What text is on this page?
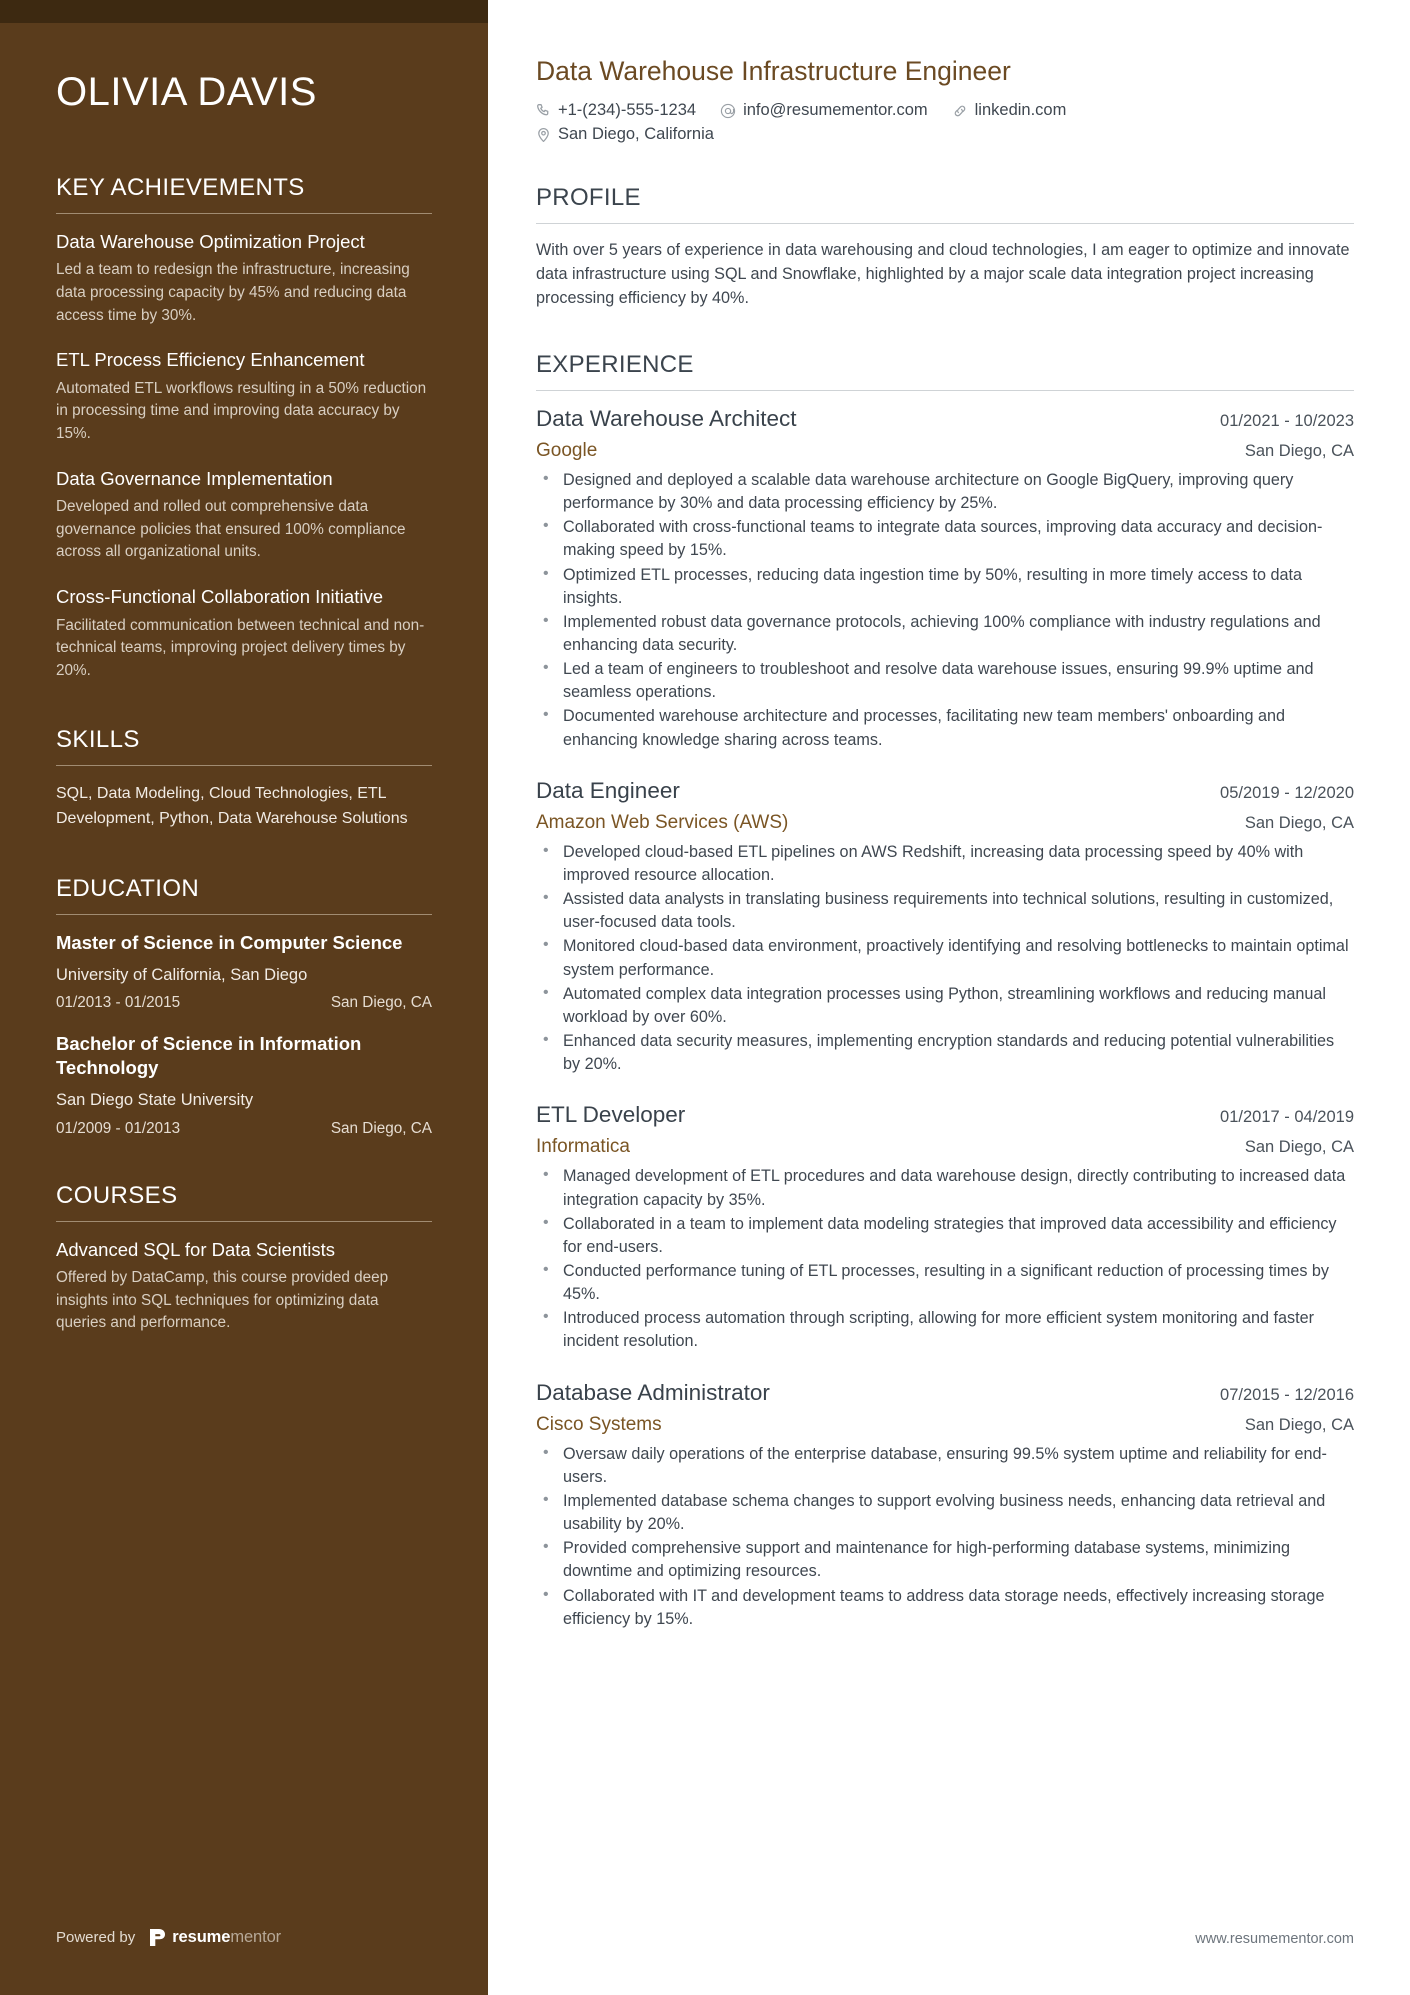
OLIVIA DAVIS
KEY ACHIEVEMENTS
Data Warehouse Optimization Project
Led a team to redesign the infrastructure, increasing data processing capacity by 45% and reducing data access time by 30%.
ETL Process Efficiency Enhancement
Automated ETL workflows resulting in a 50% reduction in processing time and improving data accuracy by 15%.
Data Governance Implementation
Developed and rolled out comprehensive data governance policies that ensured 100% compliance across all organizational units.
Cross-Functional Collaboration Initiative
Facilitated communication between technical and non-technical teams, improving project delivery times by 20%.
SKILLS
SQL, Data Modeling, Cloud Technologies, ETL Development, Python, Data Warehouse Solutions
EDUCATION
Master of Science in Computer Science
University of California, San Diego
01/2013 - 01/2015	San Diego, CA
Bachelor of Science in Information Technology
San Diego State University
01/2009 - 01/2013	San Diego, CA
COURSES
Advanced SQL for Data Scientists
Offered by DataCamp, this course provided deep insights into SQL techniques for optimizing data queries and performance.
Powered by resumementor
Data Warehouse Infrastructure Engineer
+1-(234)-555-1234	info@resumementor.com	linkedin.com
San Diego, California
PROFILE

With over 5 years of experience in data warehousing and cloud technologies, I am eager to optimize and innovate data infrastructure using SQL and Snowflake, highlighted by a major scale data integration project increasing processing efficiency by 40%.

EXPERIENCE
Data Warehouse Architect	01/2021 - 10/2023
Google	San Diego, CA
• Designed and deployed a scalable data warehouse architecture on Google BigQuery, improving query performance by 30% and data processing efficiency by 25%.
• Collaborated with cross-functional teams to integrate data sources, improving data accuracy and decision-making speed by 15%.
• Optimized ETL processes, reducing data ingestion time by 50%, resulting in more timely access to data insights.
• Implemented robust data governance protocols, achieving 100% compliance with industry regulations and enhancing data security.
• Led a team of engineers to troubleshoot and resolve data warehouse issues, ensuring 99.9% uptime and seamless operations.
• Documented warehouse architecture and processes, facilitating new team members' onboarding and enhancing knowledge sharing across teams.
Data Engineer	05/2019 - 12/2020
Amazon Web Services (AWS)	San Diego, CA
• Developed cloud-based ETL pipelines on AWS Redshift, increasing data processing speed by 40% with improved resource allocation.
• Assisted data analysts in translating business requirements into technical solutions, resulting in customized, user-focused data tools.
• Monitored cloud-based data environment, proactively identifying and resolving bottlenecks to maintain optimal system performance.
• Automated complex data integration processes using Python, streamlining workflows and reducing manual workload by over 60%.
• Enhanced data security measures, implementing encryption standards and reducing potential vulnerabilities by 20%.
ETL Developer	01/2017 - 04/2019
Informatica	San Diego, CA
• Managed development of ETL procedures and data warehouse design, directly contributing to increased data integration capacity by 35%.
• Collaborated in a team to implement data modeling strategies that improved data accessibility and efficiency for end-users.
• Conducted performance tuning of ETL processes, resulting in a significant reduction of processing times by 45%.
• Introduced process automation through scripting, allowing for more efficient system monitoring and faster incident resolution.
Database Administrator	07/2015 - 12/2016
Cisco Systems	San Diego, CA
• Oversaw daily operations of the enterprise database, ensuring 99.5% system uptime and reliability for end-users.
• Implemented database schema changes to support evolving business needs, enhancing data retrieval and usability by 20%.
• Provided comprehensive support and maintenance for high-performing database systems, minimizing downtime and optimizing resources.
• Collaborated with IT and development teams to address data storage needs, effectively increasing storage efficiency by 15%.
www.resumementor.com
